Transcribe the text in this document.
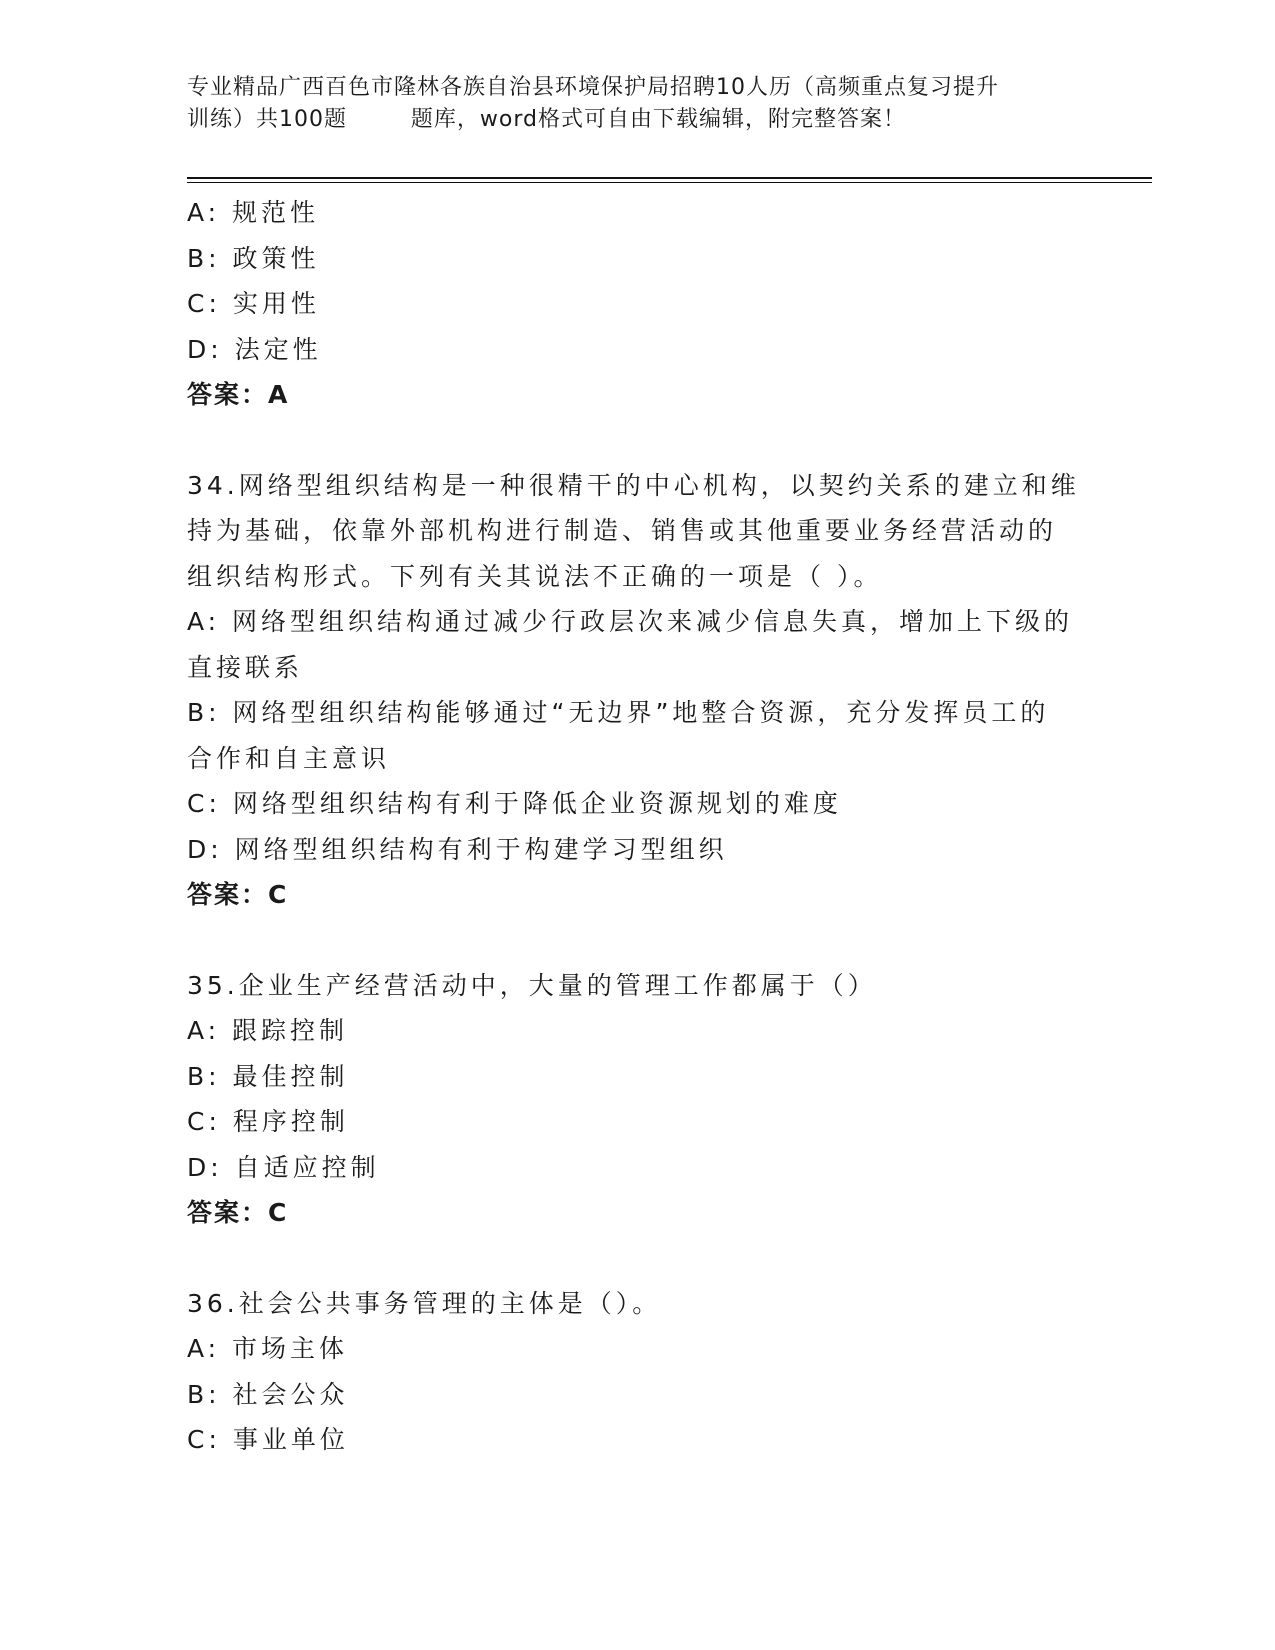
专业精品广西百色市隆林各族自治县环境保护局招聘10人历（高频重点复习提升
训练）共100题        题库，word格式可自由下载编辑，附完整答案！
A: 规范性
B: 政策性
C: 实用性
D: 法定性
答案：A
34.网络型组织结构是一种很精干的中心机构，以契约关系的建立和维
持为基础，依靠外部机构进行制造、销售或其他重要业务经营活动的
组织结构形式。下列有关其说法不正确的一项是（ ）。
A: 网络型组织结构通过减少行政层次来减少信息失真，增加上下级的
直接联系
B: 网络型组织结构能够通过“无边界”地整合资源，充分发挥员工的
合作和自主意识
C: 网络型组织结构有利于降低企业资源规划的难度
D: 网络型组织结构有利于构建学习型组织
答案：C
35.企业生产经营活动中，大量的管理工作都属于（）
A: 跟踪控制
B: 最佳控制
C: 程序控制
D: 自适应控制
答案：C
36.社会公共事务管理的主体是（）。
A: 市场主体
B: 社会公众
C: 事业单位
